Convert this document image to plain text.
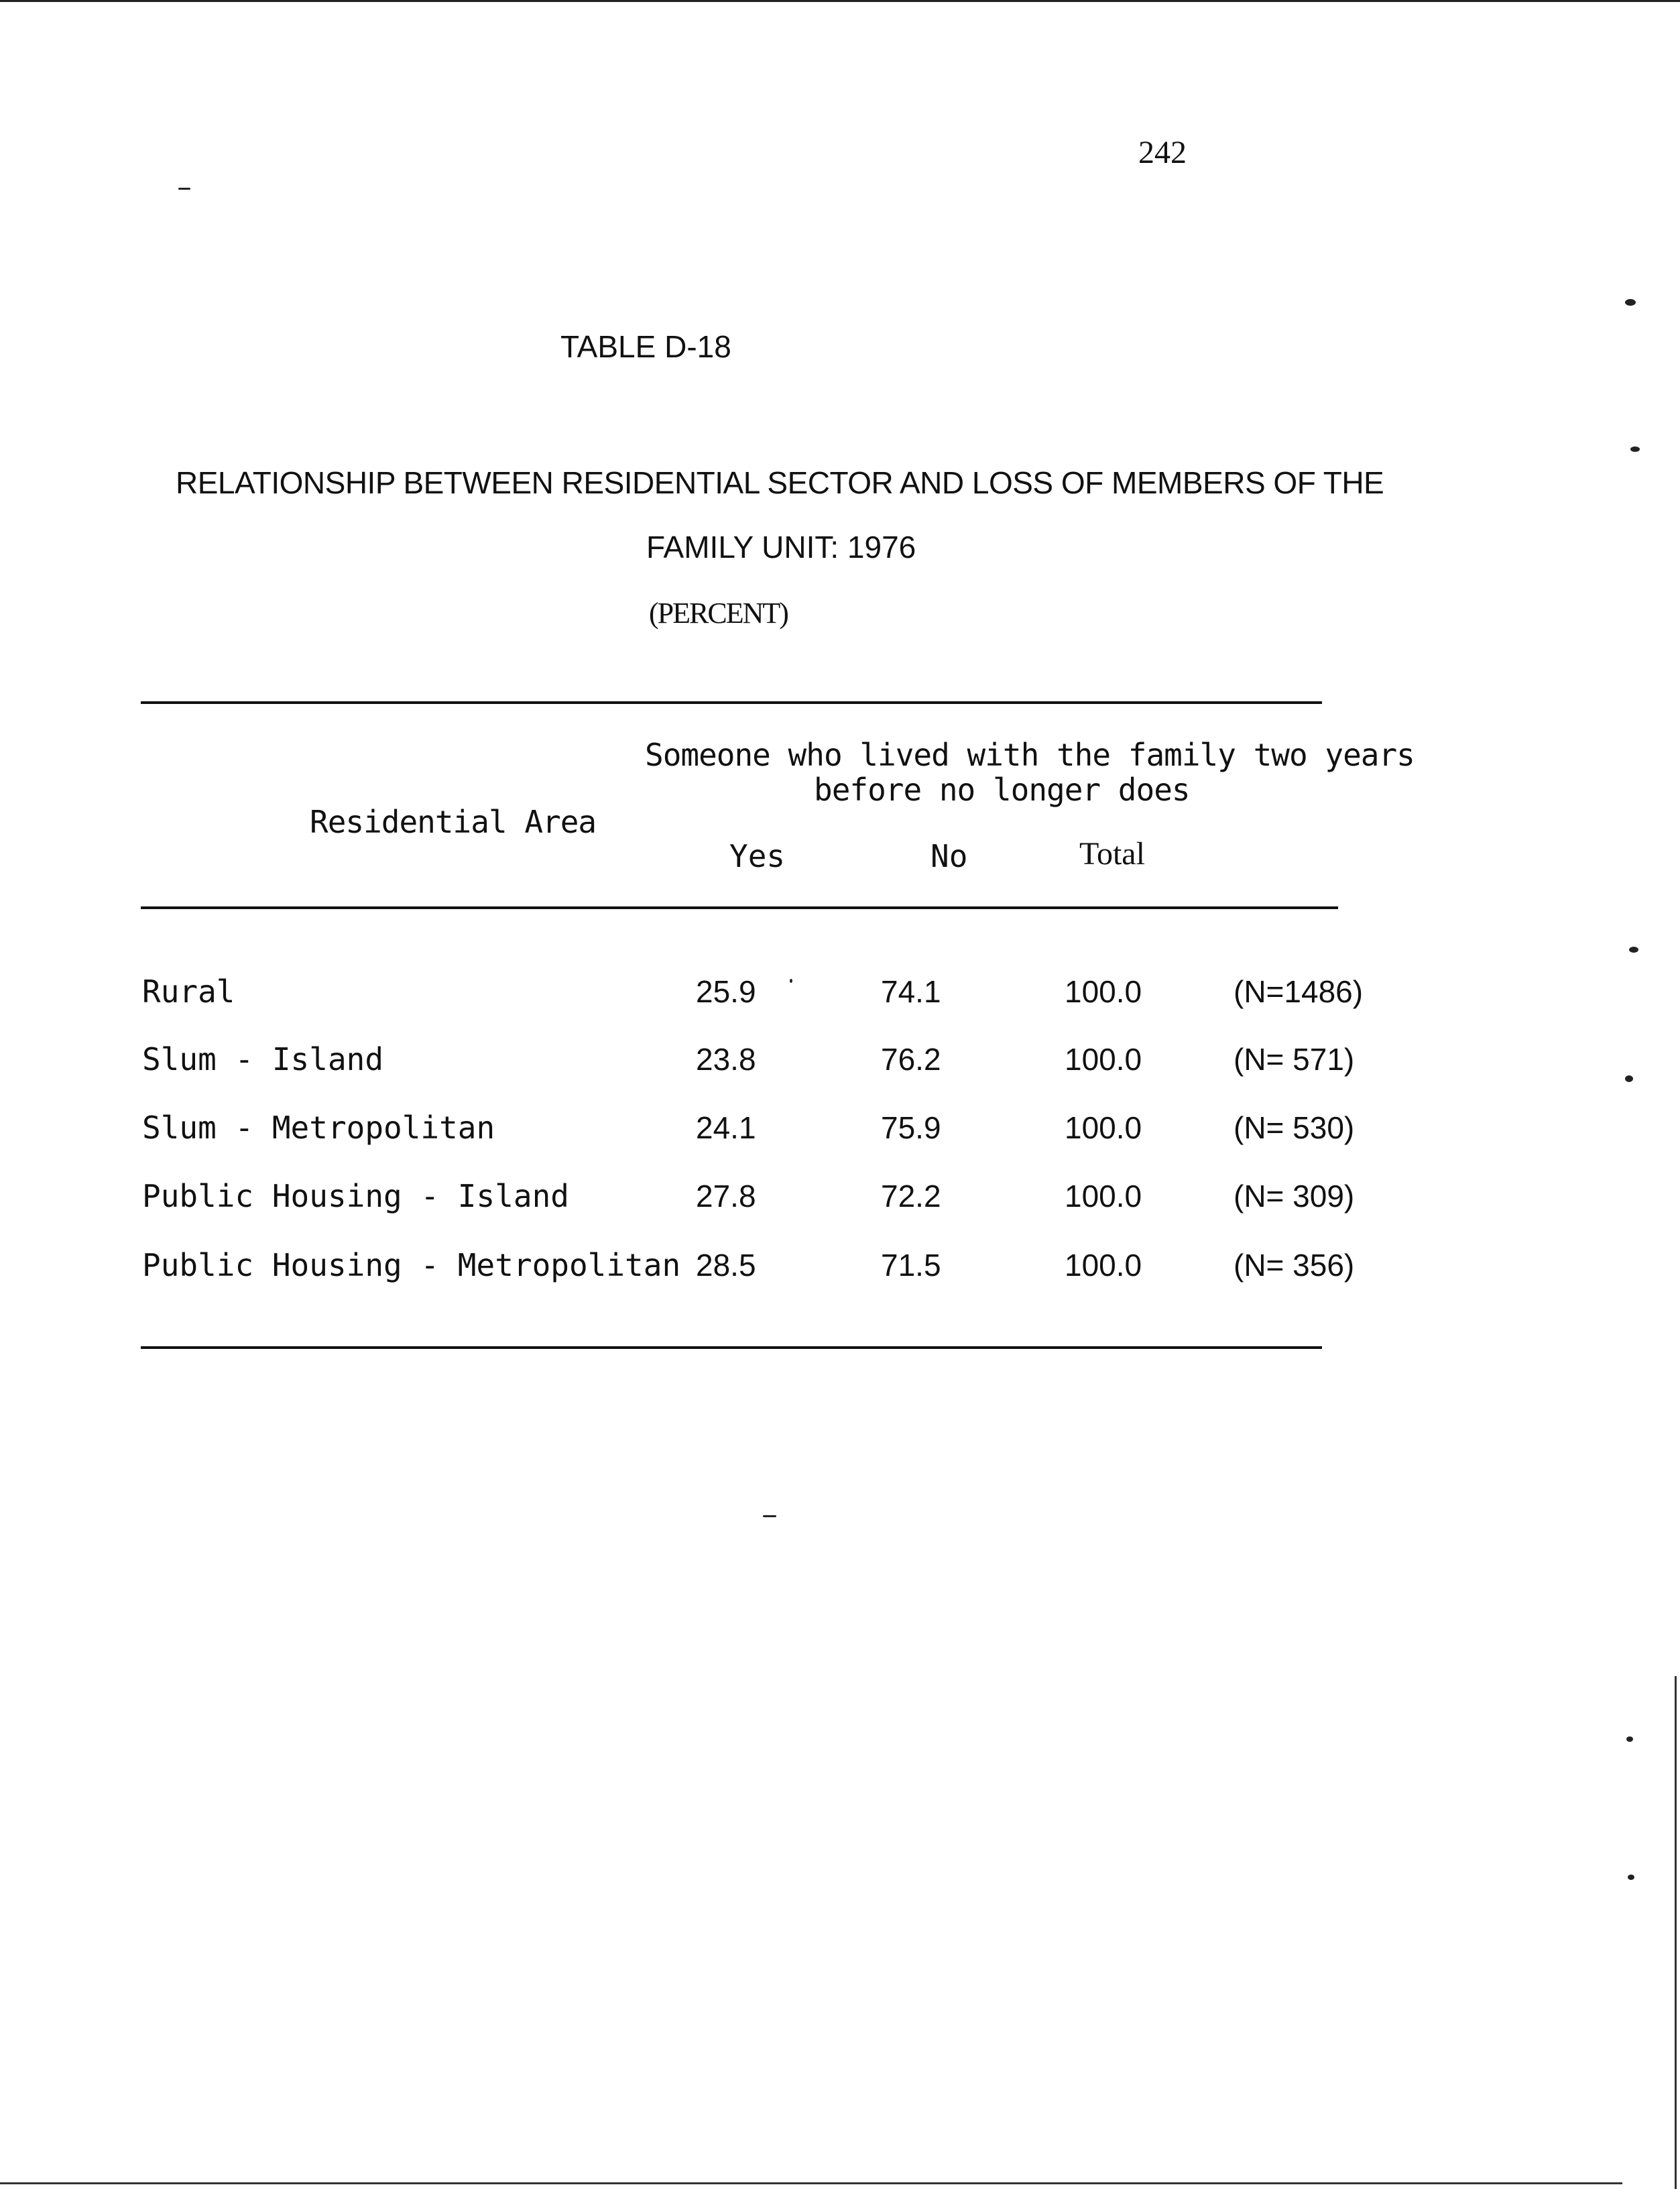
242
TABLE D-18
RELATIONSHIP BETWEEN RESIDENTIAL SECTOR AND LOSS OF MEMBERS OF THE
FAMILY UNIT: 1976
(PERCENT)
Someone who lived with the family two years
before no longer does
Residential Area
Yes	No	Total
Rural	25.9	74.1	100.0	(N=1486)
Slum - Island	23.8	76.2	100.0	(N= 571)
Slum - Metropolitan	24.1	75.9	100.0	(N= 530)
Public Housing - Island	27.8	72.2	100.0	(N= 309)
Public Housing - Metropolitan 28.5	71.5	100.0	(N= 356)
